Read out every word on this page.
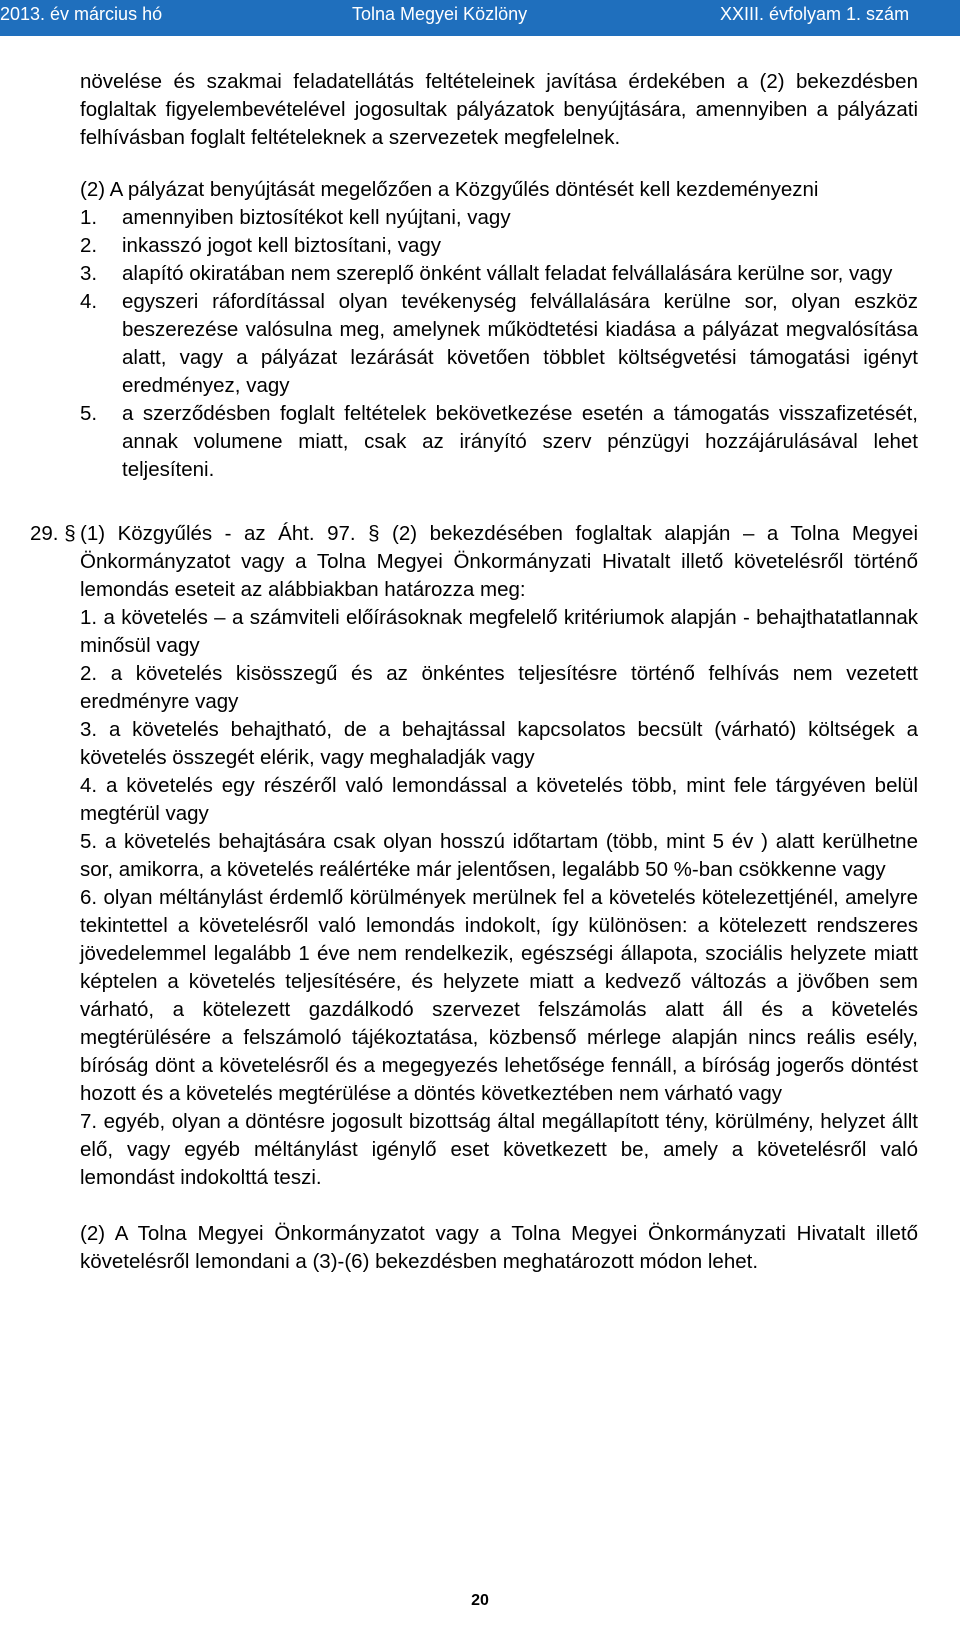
2013. év március hó	Tolna Megyei Közlöny	XXIII. évfolyam 1. szám

növelése és szakmai feladatellátás feltételeinek javítása érdekében a (2) bekezdésben foglaltak figyelembevételével jogosultak pályázatok benyújtására, amennyiben a pályázati felhívásban foglalt feltételeknek a szervezetek megfelelnek.

(2) A pályázat benyújtását megelőzően a Közgyűlés döntését kell kezdeményezni

1. amennyiben biztosítékot kell nyújtani, vagy
2. inkasszó jogot kell biztosítani, vagy
3. alapító okiratában nem szereplő önként vállalt feladat felvállalására kerülne sor, vagy
4. egyszeri ráfordítással olyan tevékenység felvállalására kerülne sor, olyan eszköz beszerezése valósulna meg, amelynek működtetési kiadása a pályázat megvalósítása alatt, vagy a pályázat lezárását követően többlet költségvetési támogatási igényt eredményez, vagy
5. a szerződésben foglalt feltételek bekövetkezése esetén a támogatás visszafizetését, annak volumene miatt, csak az irányító szerv pénzügyi hozzájárulásával lehet teljesíteni.
29. § (1) Közgyűlés - az Áht. 97. § (2) bekezdésében foglaltak alapján – a Tolna Megyei Önkormányzatot vagy a Tolna Megyei Önkormányzati Hivatalt illető követelésről történő lemondás eseteit az alábbiakban határozza meg:

1. a követelés – a számviteli előírásoknak megfelelő kritériumok alapján - behajthatatlannak minősül vagy

2. a követelés kisösszegű és az önkéntes teljesítésre történő felhívás nem vezetett eredményre vagy

3. a követelés behajtható, de a behajtással kapcsolatos becsült (várható) költségek a követelés összegét elérik, vagy meghaladják vagy

4. a követelés egy részéről való lemondással a követelés több, mint fele tárgyéven belül megtérül vagy

5. a követelés behajtására csak olyan hosszú időtartam (több, mint 5 év ) alatt kerülhetne sor, amikorra, a követelés reálértéke már jelentősen, legalább 50 %-ban csökkenne vagy

6. olyan méltánylást érdemlő körülmények merülnek fel a követelés kötelezettjénél, amelyre tekintettel a követelésről való lemondás indokolt, így különösen: a kötelezett rendszeres jövedelemmel legalább 1 éve nem rendelkezik, egészségi állapota, szociális helyzete miatt képtelen a követelés teljesítésére, és helyzete miatt a kedvező változás a jövőben sem várható, a kötelezett gazdálkodó szervezet felszámolás alatt áll és a követelés megtérülésére a felszámoló tájékoztatása, közbenső mérlege alapján nincs reális esély, bíróság dönt a követelésről és a megegyezés lehetősége fennáll, a bíróság jogerős döntést hozott és a követelés megtérülése a döntés következtében nem várható vagy

7. egyéb, olyan a döntésre jogosult bizottság által megállapított tény, körülmény, helyzet állt elő, vagy egyéb méltánylást igénylő eset következett be, amely a követelésről való lemondást indokolttá teszi.

(2) A Tolna Megyei Önkormányzatot vagy a Tolna Megyei Önkormányzati Hivatalt illető követelésről lemondani a (3)-(6) bekezdésben meghatározott módon lehet.

20
